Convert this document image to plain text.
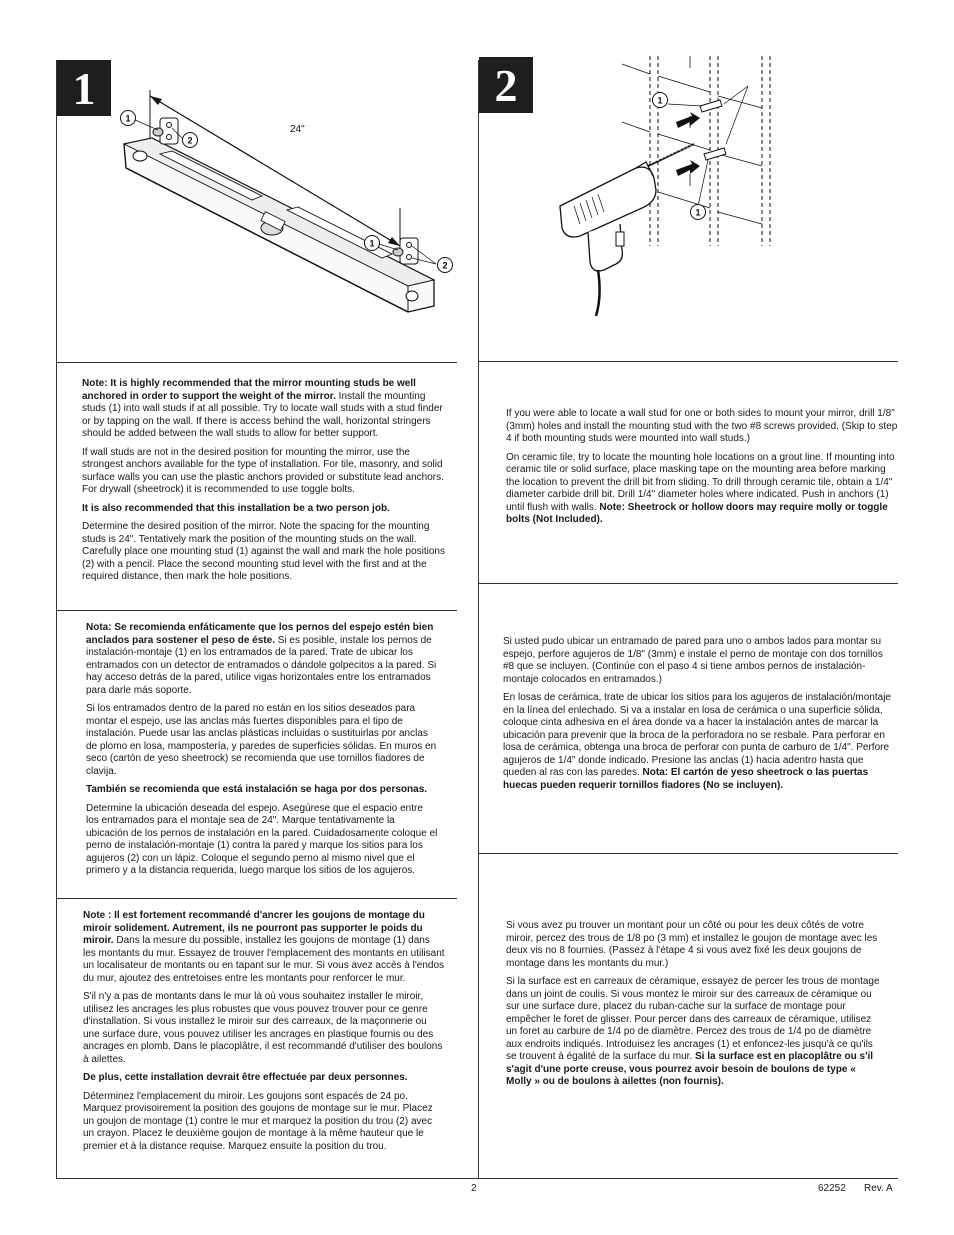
1	2
24"
1
2
1
2
1
1

Note: It is highly recommended that the mirror mounting studs be well anchored in order to support the weight of the mirror. Install the mounting studs (1) into wall studs if at all possible. Try to locate wall studs with a stud finder or by tapping on the wall. If there is access behind the wall, horizontal stringers should be added between the wall studs to allow for better support.

If wall studs are not in the desired position for mounting the mirror, use the strongest anchors available for the type of installation. For tile, masonry, and solid surface walls you can use the plastic anchors provided or substitute lead anchors. For drywall (sheetrock) it is recommended to use toggle bolts.

It is also recommended that this installation be a two person job.

Determine the desired position of the mirror. Note the spacing for the mounting studs is 24". Tentatively mark the position of the mounting studs on the wall. Carefully place one mounting stud (1) against the wall and mark the hole positions (2) with a pencil. Place the second mounting stud level with the first and at the required distance, then mark the hole positions.

Nota: Se recomienda enfáticamente que los pernos del espejo estén bien anclados para sostener el peso de éste. Si es posible, instale los pernos de instalación-montaje (1) en los entramados de la pared. Trate de ubicar los entramados con un detector de entramados o dándole golpecitos a la pared. Si hay acceso detrás de la pared, utilice vigas horizontales entre los entramados para darle más soporte.

Si los entramados dentro de la pared no están en los sitios deseados para montar el espejo, use las anclas más fuertes disponibles para el tipo de instalación. Puede usar las anclas plásticas incluidas o sustituirlas por anclas de plomo en losa, mampostería, y paredes de superficies sólidas. En muros en seco (cartón de yeso sheetrock) se recomienda que use tornillos fiadores de clavija.

También se recomienda que está instalación se haga por dos personas.

Determine la ubicación deseada del espejo. Asegúrese que el espacio entre los entramados para el montaje sea de 24". Marque tentativamente la ubicación de los pernos de instalación en la pared. Cuidadosamente coloque el perno de instalación-montaje (1) contra la pared y marque los sitios para los agujeros (2) con un lápiz. Coloque el segundo perno al mismo nivel que el primero y a la distancia requerida, luego marque los sitios de los agujeros.

Note : Il est fortement recommandé d'ancrer les goujons de montage du miroir solidement. Autrement, ils ne pourront pas supporter le poids du miroir. Dans la mesure du possible, installez les goujons de montage (1) dans les montants du mur. Essayez de trouver l'emplacement des montants en utilisant un localisateur de montants ou en tapant sur le mur. Si vous avez accès à l'endos du mur, ajoutez des entretoises entre les montants pour renforcer le mur.

S'il n'y a pas de montants dans le mur là où vous souhaitez installer le miroir, utilisez les ancrages les plus robustes que vous pouvez trouver pour ce genre d'installation. Si vous installez le miroir sur des carreaux, de la maçonnerie ou une surface dure, vous pouvez utiliser les ancrages en plastique fournis ou des ancrages en plomb. Dans le placoplâtre, il est recommandé d'utiliser des boulons à ailettes.

De plus, cette installation devrait être effectuée par deux personnes.

Déterminez l'emplacement du miroir. Les goujons sont espacés de 24 po. Marquez provisoirement la position des goujons de montage sur le mur. Placez un goujon de montage (1) contre le mur et marquez la position du trou (2) avec un crayon. Placez le deuxième goujon de montage à la même hauteur que le premier et à la distance requise. Marquez ensuite la position du trou.

If you were able to locate a wall stud for one or both sides to mount your mirror, drill 1/8" (3mm) holes and install the mounting stud with the two #8 screws provided. (Skip to step 4 if both mounting studs were mounted into wall studs.)

On ceramic tile, try to locate the mounting hole locations on a grout line. If mounting into ceramic tile or solid surface, place masking tape on the mounting area before marking the location to prevent the drill bit from sliding. To drill through ceramic tile, obtain a 1/4" diameter carbide drill bit. Drill 1/4" diameter holes where indicated. Push in anchors (1) until flush with walls. Note: Sheetrock or hollow doors may require molly or toggle bolts (Not Included).

Si usted pudo ubicar un entramado de pared para uno o ambos lados para montar su espejo, perfore agujeros de 1/8" (3mm) e instale el perno de montaje con dos tornillos #8 que se incluyen. (Continúe con el paso 4 si tiene ambos pernos de instalación-montaje colocados en entramados.)

En losas de cerámica, trate de ubicar los sitios para los agujeros de instalación/montaje en la línea del enlechado. Si va a instalar en losa de cerámica o una superficie sólida, coloque cinta adhesiva en el área donde va a hacer la instalación antes de marcar la ubicación para prevenir que la broca de la perforadora no se resbale. Para perforar en losa de cerámica, obtenga una broca de perforar con punta de carburo de 1/4". Perfore agujeros de 1/4" donde indicado. Presione las anclas (1) hacia adentro hasta que queden al ras con las paredes. Nota: El cartón de yeso sheetrock o las puertas huecas pueden requerir tornillos fiadores (No se incluyen).

Si vous avez pu trouver un montant pour un côté ou pour les deux côtés de votre miroir, percez des trous de 1/8 po (3 mm) et installez le goujon de montage avec les deux vis no 8 fournies. (Passez à l'étape 4 si vous avez fixé les deux goujons de montage dans les montants du mur.)

Si la surface est en carreaux de céramique, essayez de percer les trous de montage dans un joint de coulis. Si vous montez le miroir sur des carreaux de céramique ou sur une surface dure, placez du ruban-cache sur la surface de montage pour empêcher le foret de glisser. Pour percer dans des carreaux de céramique, utilisez un foret au carbure de 1/4 po de diamètre. Percez des trous de 1/4 po de diamètre aux endroits indiqués. Introduisez les ancrages (1) et enfoncez-les jusqu'à ce qu'ils se trouvent à égalité de la surface du mur. Si la surface est en placoplâtre ou s'il s'agit d'une porte creuse, vous pourrez avoir besoin de boulons de type « Molly » ou de boulons à ailettes (non fournis).

2	62252 Rev. A
